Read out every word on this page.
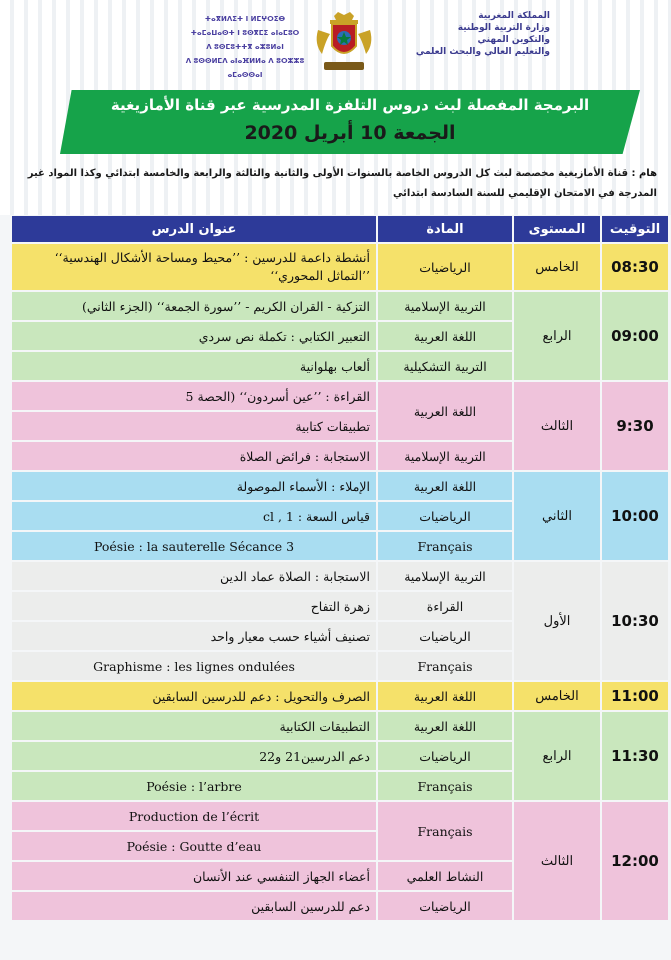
ⵜⴰⴳⵍⴷⵉⵜ ⵏ ⵍⵎⵖⵔⵉⴱ
ⵜⴰⵎⴰⵡⴰⵙⵜ ⵏ ⵓⵙⴳⵎⵉ ⴰⵏⴰⵎⵓⵔ
ⴷ ⵓⵙⵎⵓⵜⵜⴳ ⴰⵣⵓⵍⴰⵏ
ⴷ ⵓⵙⵙⵍⵎⴷ ⴰⵏⴰⴼⵍⵍⴰ ⴷ ⵓⵔⵣⵣⵓ ⴰⵎⴰⵙⵙⴰⵏ
المملكة المغربية
وزارة التربية الوطنية
والتكوين المهني
والتعليم العالي والبحث العلمي
البرمجة المفصلة لبث دروس التلفزة المدرسية عبر قناة الأمازيغية
الجمعة 10 أبريل 2020
هام : قناة الأمازيغية مخصصة لبث كل الدروس الخاصة بالسنوات الأولى والثانية والثالثة والرابعة والخامسة ابتدائي وكذا المواد غير المدرجة في الامتحان الإقليمي للسنة السادسة ابتدائي
عنوان الدرس	المادة	المستوى	التوقيت
أنشطة داعمة للدرسين : ’’محيط ومساحة الأشكال الهندسية‘‘ ’’التماثل المحوري‘‘	الرياضيات	الخامس	08:30
التزكية - القران الكريم - ’’سورة الجمعة‘‘ (الجزء الثاني)	التربية الإسلامية	الرابع	09:00
التعبير الكتابي : تكملة نص سردي	اللغة العربية		
ألعاب بهلوانية	التربية التشكيلية		
القراءة : ’’عين أسردون‘‘ (الحصة 5	اللغة العربية	الثالث	9:30
تطبيقات كتابية			
الاستجابة : فرائض الصلاة	التربية الإسلامية		
الإملاء : الأسماء الموصولة	اللغة العربية	الثاني	10:00
قياس السعة : cl , 1	الرياضيات		
Poésie : la sauterelle Sécance 3	Français		
الاستجابة : الصلاة عماد الدين	التربية الإسلامية	الأول	10:30
زهرة التفاح	القراءة		
تصنيف أشياء حسب معيار واحد	الرياضيات		
Graphisme : les lignes ondulées	Français		
الصرف والتحويل : دعم للدرسين السابقين	اللغة العربية	الخامس	11:00
التطبيقات الكتابية	اللغة العربية	الرابع	11:30
دعم الدرسين21 و22	الرياضيات		
Poésie : l’arbre	Français		
Production de l’écrit	Français	الثالث	12:00
Poésie : Goutte d’eau			
أعضاء الجهاز التنفسي عند الأنسان	النشاط العلمي		
دعم للدرسين السابقين	الرياضيات		
